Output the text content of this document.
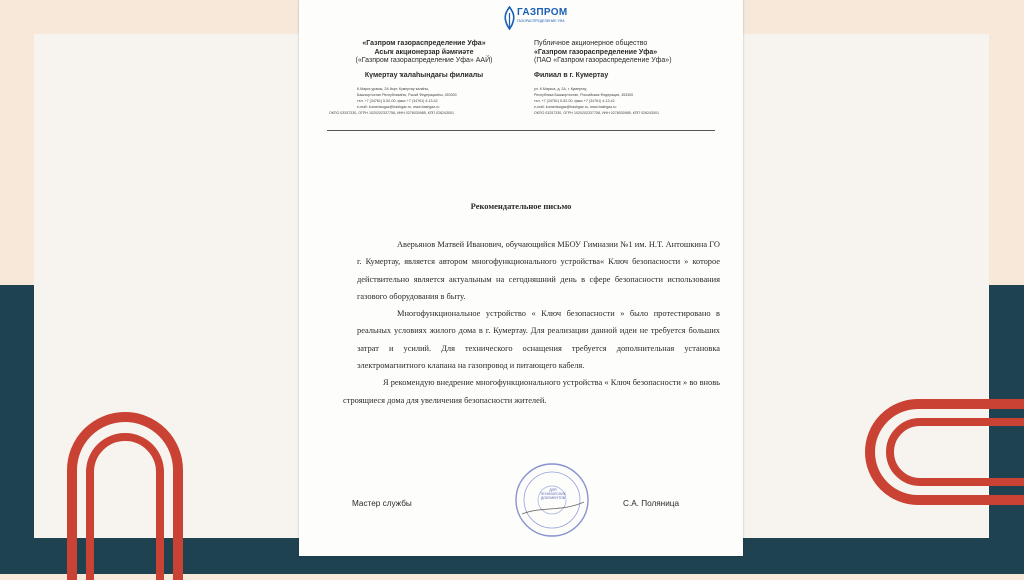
ГАЗПРОМ
ГАЗОРАСПРЕДЕЛЕНИЕ УФА
«Газпром газораспределение Уфа»
Асыҡ акционерзар йәмғиәте
(«Газпром газораспределение Уфа» ААЙ)
Күмертау ҡалаһындағы филиалы
К.Маркс урамы, 2А йорт, Күмертау ҡалаһы,
Башҡортостан Республикаһы, Рәсәй Федерацияһы, 453300
тел. +7 (34761) 5-52-00, факс +7 (34761) 4-13-42
e-mail: kumertaugaz@bashgaz.ru, www.bashgaz.ru
ОКПО 03257330, ОГРН 1020202337758, ИНН 0278030985, КПП 026243001
Публичное акционерное общество
«Газпром газораспределение Уфа»
(ПАО «Газпром газораспределение Уфа»)
Филиал в г. Кумертау
ул. К.Маркса, д. 2А, г. Кумертау,
Республика Башкортостан, Российская Федерация, 453300
тел. +7 (34761) 5-52-00, факс +7 (34761) 4-13-42
e-mail: kumertaugaz@bashgaz.ru, www.bashgaz.ru
ОКПО 03257330, ОГРН 1020202337758, ИНН 0278030985, КПП 026243001
Рекомендательное письмо

Аверьянов Матвей Иванович, обучающийся МБОУ Гимназии №1 им. Н.Т. Антошкина ГО г. Кумертау, является автором многофункционального устройства« Ключ безопасности » которое действительно является актуальным на сегодняшний день в сфере безопасности использования газового оборудования в быту.

Многофункциональное устройство « Ключ безопасности » было протестировано в реальных условиях жилого дома в г. Кумертау. Для реализации данной идеи не требуется больших затрат и усилий. Для технического оснащения требуется дополнительная установка электромагнитного клапана на газопровод и питающего кабеля.

Я рекомендую внедрение многофункционального устройства « Ключ безопасности » во вновь строящиеся дома для увеличения безопасности жителей.

ДЛЯ ТЕХНИЧЕСКИХ ДОКУМЕНТОВ
Мастер службы	С.А. Поляница
